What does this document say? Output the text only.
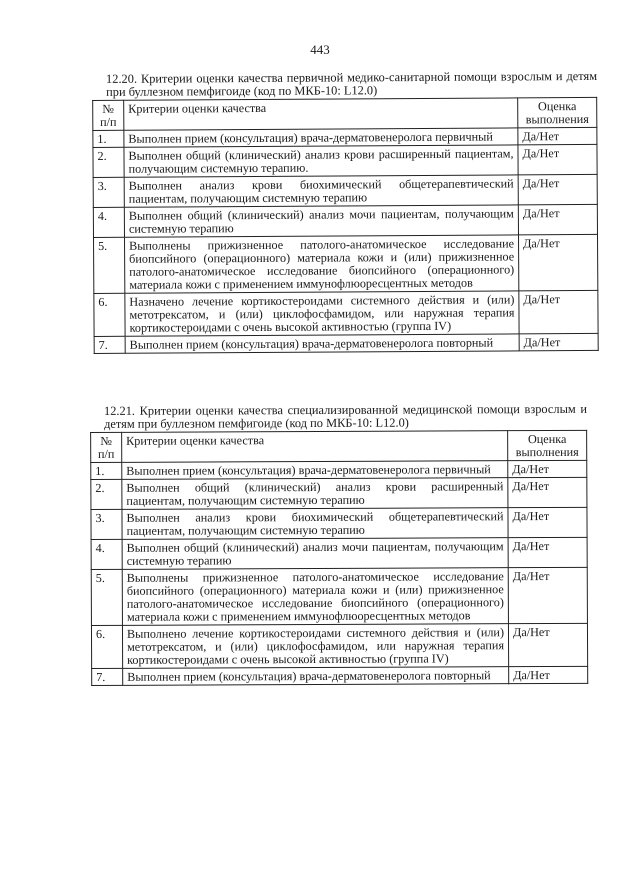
443
12.20. Критерии оценки качества первичной медико-санитарной помощи взрослым и детям при буллезном пемфигоиде (код по МКБ-10: L12.0)
№ п/п	Критерии оценки качества	Оценка выполнения
1.	Выполнен прием (консультация) врача-дерматовенеролога первичный	Да/Нет
2.	Выполнен общий (клинический) анализ крови расширенный пациентам, получающим системную терапию.	Да/Нет
3.	Выполнен анализ крови биохимический общетерапевтический пациентам, получающим системную терапию	Да/Нет
4.	Выполнен общий (клинический) анализ мочи пациентам, получающим системную терапию	Да/Нет
5.	Выполнены прижизненное патолого-анатомическое исследование биопсийного (операционного) материала кожи и (или) прижизненное патолого-анатомическое исследование биопсийного (операционного) материала кожи с применением иммунофлюоресцентных методов	Да/Нет
6.	Назначено лечение кортикостероидами системного действия и (или) метотрексатом, и (или) циклофосфамидом, или наружная терапия кортикостероидами с очень высокой активностью (группа IV)	Да/Нет
7.	Выполнен прием (консультация) врача-дерматовенеролога повторный	Да/Нет
12.21. Критерии оценки качества специализированной медицинской помощи взрослым и детям при буллезном пемфигоиде (код по МКБ-10: L12.0)
№ п/п	Критерии оценки качества	Оценка выполнения
1.	Выполнен прием (консультация) врача-дерматовенеролога первичный	Да/Нет
2.	Выполнен общий (клинический) анализ крови расширенный пациентам, получающим системную терапию	Да/Нет
3.	Выполнен анализ крови биохимический общетерапевтический пациентам, получающим системную терапию	Да/Нет
4.	Выполнен общий (клинический) анализ мочи пациентам, получающим системную терапию	Да/Нет
5.	Выполнены прижизненное патолого-анатомическое исследование биопсийного (операционного) материала кожи и (или) прижизненное патолого-анатомическое исследование биопсийного (операционного) материала кожи с применением иммунофлюоресцентных методов	Да/Нет
6.	Выполнено лечение кортикостероидами системного действия и (или) метотрексатом, и (или) циклофосфамидом, или наружная терапия кортикостероидами с очень высокой активностью (группа IV)	Да/Нет
7.	Выполнен прием (консультация) врача-дерматовенеролога повторный	Да/Нет
